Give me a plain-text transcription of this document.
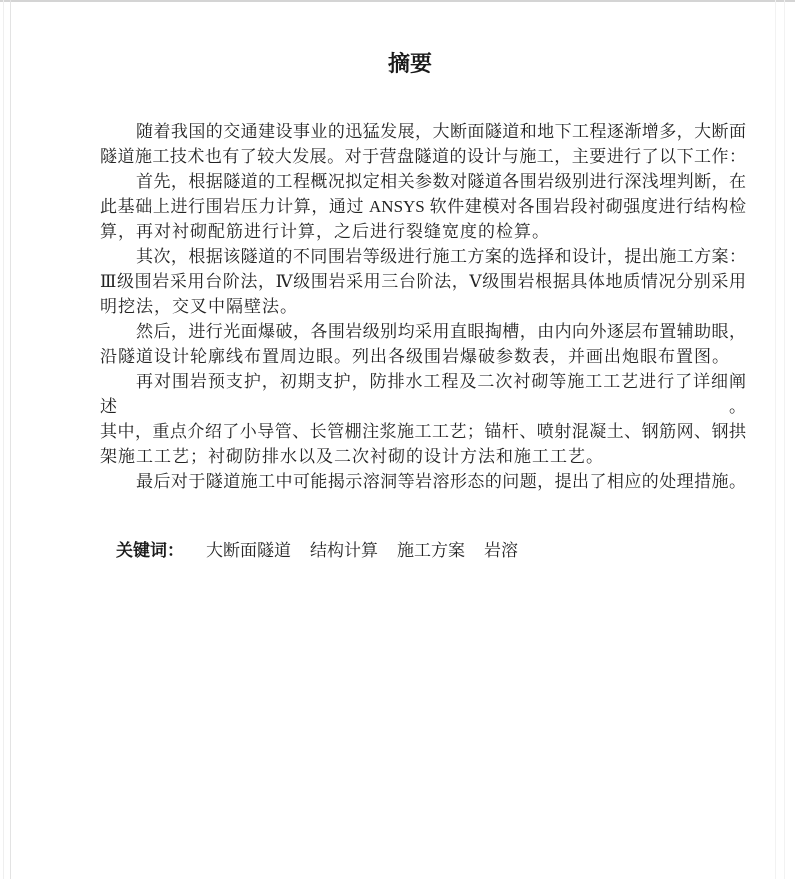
摘要
随着我国的交通建设事业的迅猛发展，大断面隧道和地下工程逐渐增多，大断面
隧道施工技术也有了较大发展。对于营盘隧道的设计与施工，主要进行了以下工作：
首先，根据隧道的工程概况拟定相关参数对隧道各围岩级别进行深浅埋判断，在
此基础上进行围岩压力计算，通过 ANSYS 软件建模对各围岩段衬砌强度进行结构检
算，再对衬砌配筋进行计算，之后进行裂缝宽度的检算。
其次，根据该隧道的不同围岩等级进行施工方案的选择和设计，提出施工方案：
Ⅲ级围岩采用台阶法，Ⅳ级围岩采用三台阶法，Ⅴ级围岩根据具体地质情况分别采用
明挖法，交叉中隔壁法。
然后，进行光面爆破，各围岩级别均采用直眼掏槽，由内向外逐层布置辅助眼，
沿隧道设计轮廓线布置周边眼。列出各级围岩爆破参数表，并画出炮眼布置图。
再对围岩预支护，初期支护，防排水工程及二次衬砌等施工工艺进行了详细阐述。
其中，重点介绍了小导管、长管棚注浆施工工艺；锚杆、喷射混凝土、钢筋网、钢拱
架施工工艺；衬砌防排水以及二次衬砌的设计方法和施工工艺。
最后对于隧道施工中可能揭示溶洞等岩溶形态的问题，提出了相应的处理措施。
关键词： 大断面隧道 结构计算 施工方案 岩溶
